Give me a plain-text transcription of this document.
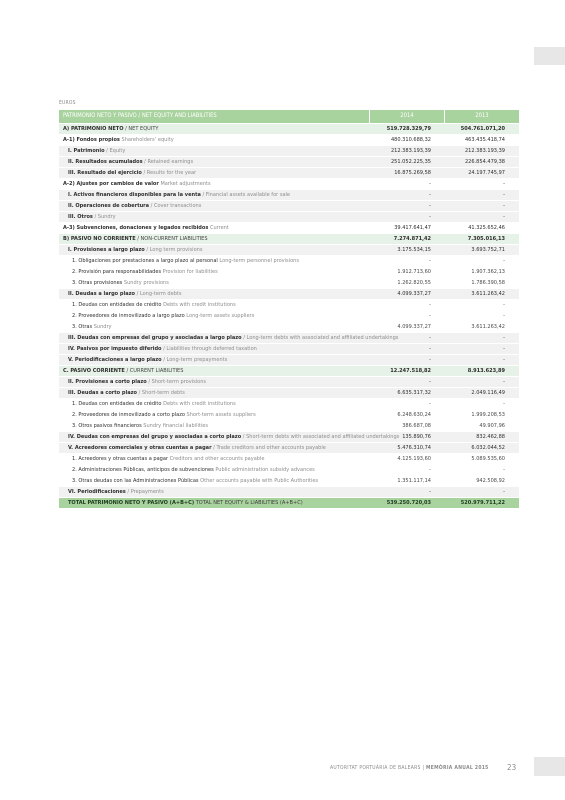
EUROS
PATRIMONIO NETO Y PASIVO / NET EQUITY AND LIABILITIES	2014	2013
A) PATRIMONIO NETO / NET EQUITY	519.728.329,79	504.761.071,20
A-1) Fondos propios Shareholders’ equity	480.310.688,32	463.435.418,74
I. Patrimonio / Equity	212.383.193,39	212.383.193,39
II. Resultados acumulados / Retained earnings	251.052.225,35	226.854.479,38
III. Resultado del ejercicio / Results for the year	16.875.269,58	24.197.745,97
A-2) Ajustes por cambios de valor Market adjustments	-	-
I. Activos financieros disponibles para la venta / Financial assets available for sale	-	-
II. Operaciones de cobertura / Cover transactions	-	-
III. Otros / Sundry	-	-
A-3) Subvenciones, donaciones y legados recibidos Current	39.417.641,47	41.325.652,46
B) PASIVO NO CORRIENTE / NON-CURRENT LIABILITIES	7.274.871,42	7.305.016,13
I. Provisiones a largo plazo / Long term provisions	3.175.534,15	3.693.752,71
1. Obligaciones por prestaciones a largo plazo al personal Long-term personnel provisions	-	-
2. Provisión para responsabilidades Provision for liabilities	1.912.713,60	1.907.362,13
3. Otras provisiones Sundry provisions	1.262.820,55	1.786.390,58
II. Deudas a largo plazo / Long-term debts	4.099.337,27	3.611.263,42
1. Deudas con entidades de crédito Debts with credit institutions	-	-
2. Proveedores de inmovilizado a largo plazo Long-term assets suppliers	-	-
3. Otras Sundry	4.099.337,27	3.611.263,42
III. Deudas con empresas del grupo y asociadas a largo plazo / Long-term debts with associated and affiliated undertakings	-	-
IV. Pasivos por impuesto diferido / Liabilities through deferred taxation	-	-
V. Periodificaciones a largo plazo / Long-term prepayments	-	-
C. PASIVO CORRIENTE / CURRENT LIABILITIES	12.247.518,82	8.913.623,89
II. Provisiones a corto plazo / Short-term provisions	-	-
III. Deudas a corto plazo / Short-term debts	6.635.317,32	2.049.116,49
1. Deudas con entidades de crédito Debts with credit institutions	-	-
2. Proveedores de inmovilizado a corto plazo Short-term assets suppliers	6.248.630,24	1.999.208,53
3. Otros pasivos financieros Sundry financial liabilities	386.687,08	49.907,96
IV. Deudas con empresas del grupo y asociadas a corto plazo / Short-term debts with associated and affiliated undertakings	135.890,76	832.462,88
V. Acreedores comerciales y otras cuentas a pagar / Trade creditors and other accounts payable	5.476.310,74	6.032.044,52
1. Acreedores y otras cuentas a pagar Creditors and other accounts payable	4.125.193,60	5.089.535,60
2. Administraciones Públicas, anticipos de subvenciones Public administration subsidy advances	-	-
3. Otras deudas con las Administraciones Públicas Other accounts payable with Public Authorities	1.351.117,14	942.508,92
VI. Periodificaciones / Prepayments	-	-
TOTAL PATRIMONIO NETO Y PASIVO (A+B+C) TOTAL NET EQUITY & LIABILITIES (A+B+C)	539.250.720,03	520.979.711,22
AUTORITAT PORTUÀRIA DE BALEARS | MEMÒRIA ANUAL 2015 23
